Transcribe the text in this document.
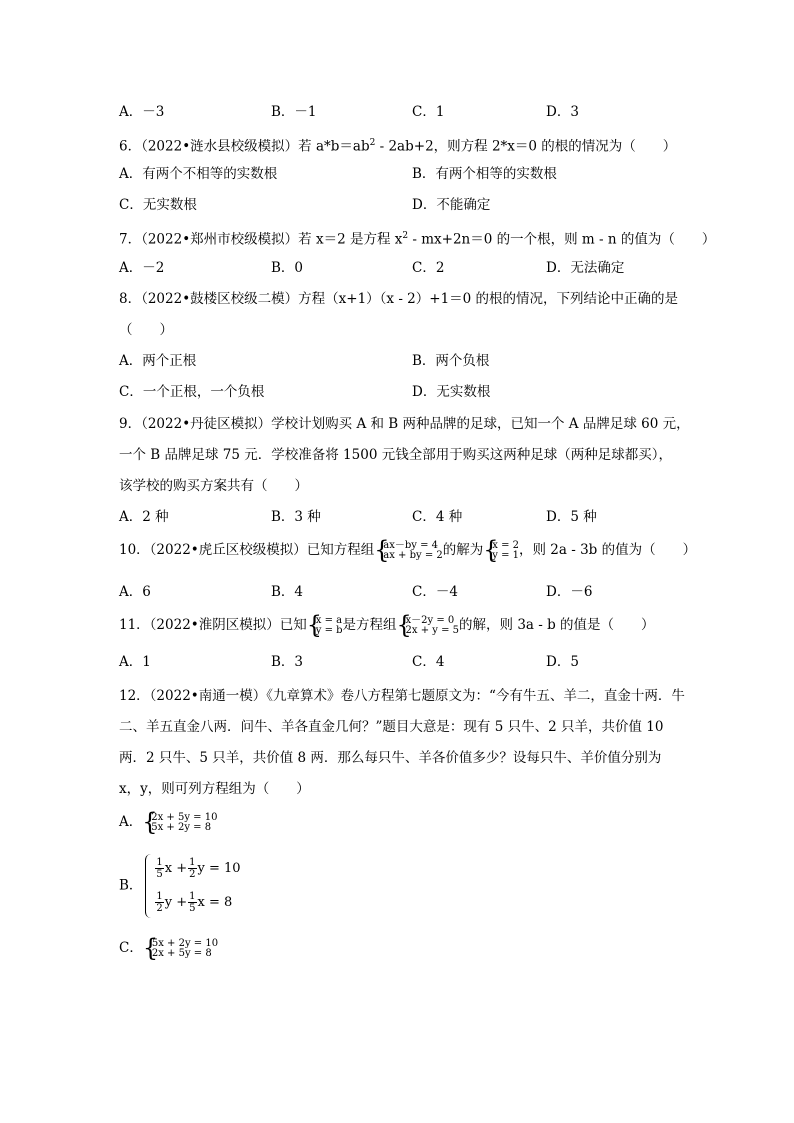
A．－3	B．－1	C．1	D．3
6．（2022•涟水县校级模拟）若 $a*b=ab^2 - 2ab+2$，则方程 2*x＝0 的根的情况为（　　）
A．有两个不相等的实数根	B．有两个相等的实数根
C．无实数根	D．不能确定
7．（2022•郑州市校级模拟）若 x＝2 是方程 $x^2 - mx+2n=0$ 的一个根，则 m - n 的值为（　　）
A．－2	B．0	C．2	D．无法确定
8．（2022•鼓楼区校级二模）方程（x+1）（x - 2）+1＝0 的根的情况，下列结论中正确的是
（　　）
A．两个正根	B．两个负根
C．一个正根，一个负根	D．无实数根
9．（2022•丹徒区模拟）学校计划购买 A 和 B 两种品牌的足球，已知一个 A 品牌足球 60 元，
一个 B 品牌足球 75 元．学校准备将 1500 元钱全部用于购买这两种足球（两种足球都买），
该学校的购买方案共有（　　）
A．2 种	B．3 种	C．4 种	D．5 种
10．（2022•虎丘区校级模拟）已知方程组 { ax－by = 4
ax + by = 2 的解为 { x = 2
y = 1 ，则 2a - 3b 的值为（　　）
A．6	B．4	C．－4	D．－6
11．（2022•淮阴区模拟）已知 { x = a
y = b 是方程组 { x－2y = 0
2x + y = 5 的解，则 3a - b 的值是（　　）
A．1	B．3	C．4	D．5
12．（2022•南通一模）《九章算术》卷八方程第七题原文为：“今有牛五、羊二，直金十两．牛
二、羊五直金八两．问牛、羊各直金几何？”题目大意是：现有 5 只牛、2 只羊，共价值 10
两．2 只牛、5 只羊，共价值 8 两．那么每只牛、羊各价值多少？设每只牛、羊价值分别为
x，y，则可列方程组为（　　）
A． { 2x + 5y = 10
5x + 2y = 8
B．
$\frac{1}{5}$ $x + \frac{1}{2}$ y = 10
$\frac{1}{2}$ $y + \frac{1}{5}$ x = 8
C． { 5x + 2y = 10
2x + 5y = 8
